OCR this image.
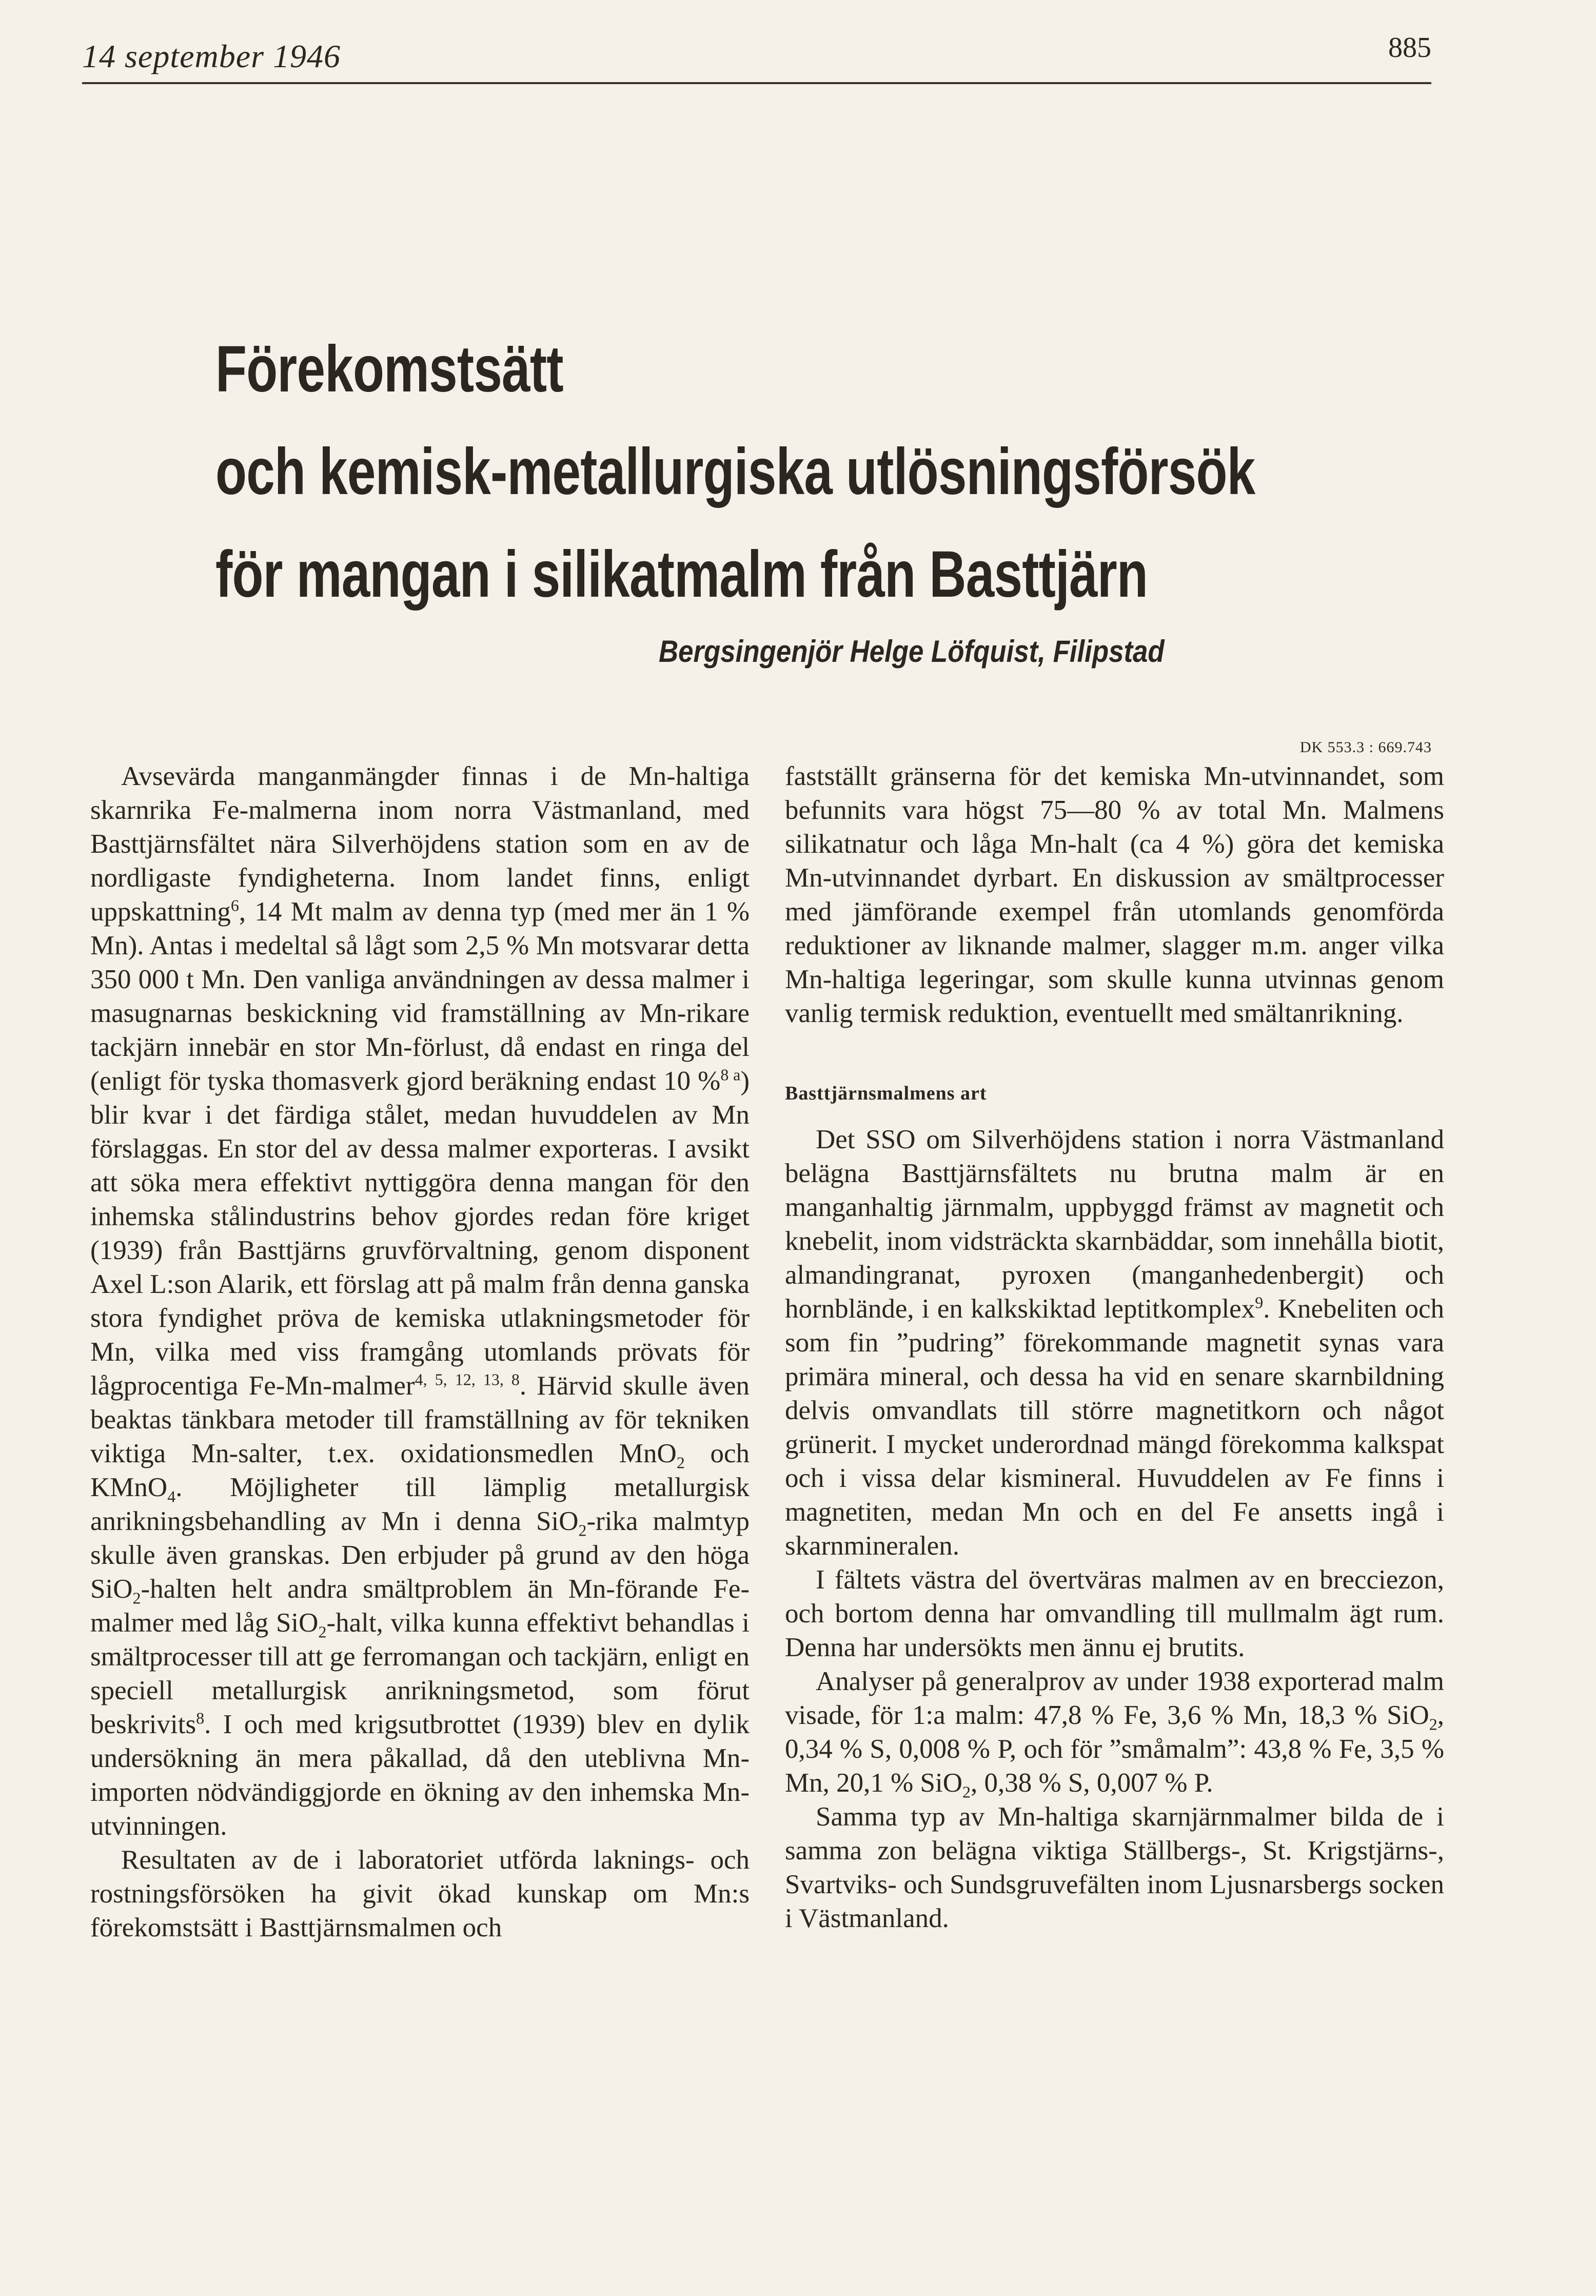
14 september 1946	885
Förekomstsätt
och kemisk-metallurgiska utlösningsförsök
för mangan i silikatmalm från Basttjärn
Bergsingenjör Helge Löfquist, Filipstad
DK 553.3 : 669.743

Avsevärda manganmängder finnas i de Mn-haltiga skarnrika Fe-malmerna inom norra Västmanland, med Basttjärnsfältet nära Silverhöjdens station som en av de nordligaste fyndigheterna. Inom landet finns, enligt uppskattning$^6$, 14 Mt malm av denna typ (med mer än 1 % Mn). Antas i medeltal så lågt som 2,5 % Mn motsvarar detta 350 000 t Mn. Den vanliga användningen av dessa malmer i masugnarnas beskickning vid framställning av Mn-rikare tackjärn innebär en stor Mn-förlust, då endast en ringa del (enligt för tyska thomasverk gjord beräkning endast 10 %$^{8 a}$) blir kvar i det färdiga stålet, medan huvuddelen av Mn förslaggas. En stor del av dessa malmer exporteras. I avsikt att söka mera effektivt nyttiggöra denna mangan för den inhemska stålindustrins behov gjordes redan före kriget (1939) från Basttjärns gruvförvaltning, genom disponent Axel L:son Alarik, ett förslag att på malm från denna ganska stora fyndighet pröva de kemiska utlakningsmetoder för Mn, vilka med viss framgång utomlands prövats för lågprocentiga Fe-Mn-malmer$^{4, 5, 12, 13, 8}$. Härvid skulle även beaktas tänkbara metoder till framställning av för tekniken viktiga Mn-salter, t.ex. oxidationsmedlen MnO$_2$ och KMnO$_4$. Möjligheter till lämplig metallurgisk anrikningsbehandling av Mn i denna SiO$_2$-rika malmtyp skulle även granskas. Den erbjuder på grund av den höga SiO$_2$-halten helt andra smältproblem än Mn-förande Fe-malmer med låg SiO$_2$-halt, vilka kunna effektivt behandlas i smältprocesser till att ge ferromangan och tackjärn, enligt en speciell metallurgisk anrikningsmetod, som förut beskrivits$^8$. I och med krigsutbrottet (1939) blev en dylik undersökning än mera påkallad, då den uteblivna Mn-importen nödvändiggjorde en ökning av den inhemska Mn-utvinningen.

Resultaten av de i laboratoriet utförda laknings- och rostningsförsöken ha givit ökad kunskap om Mn:s förekomstsätt i Basttjärnsmalmen och

fastställt gränserna för det kemiska Mn-utvinnandet, som befunnits vara högst 75—80 % av total Mn. Malmens silikatnatur och låga Mn-halt (ca 4 %) göra det kemiska Mn-utvinnandet dyrbart. En diskussion av smältprocesser med jämförande exempel från utomlands genomförda reduktioner av liknande malmer, slagger m.m. anger vilka Mn-haltiga legeringar, som skulle kunna utvinnas genom vanlig termisk reduktion, eventuellt med smältanrikning.

Basttjärnsmalmens art

Det SSO om Silverhöjdens station i norra Västmanland belägna Basttjärnsfältets nu brutna malm är en manganhaltig järnmalm, uppbyggd främst av magnetit och knebelit, inom vidsträckta skarnbäddar, som innehålla biotit, almandingranat, pyroxen (manganhedenbergit) och hornblände, i en kalkskiktad leptitkomplex$^9$. Knebeliten och som fin ”pudring” förekommande magnetit synas vara primära mineral, och dessa ha vid en senare skarnbildning delvis omvandlats till större magnetitkorn och något grünerit. I mycket underordnad mängd förekomma kalkspat och i vissa delar kismineral. Huvuddelen av Fe finns i magnetiten, medan Mn och en del Fe ansetts ingå i skarnmineralen.

I fältets västra del övertväras malmen av en brecciezon, och bortom denna har omvandling till mullmalm ägt rum. Denna har undersökts men ännu ej brutits.

Analyser på generalprov av under 1938 exporterad malm visade, för 1:a malm: 47,8 % Fe, 3,6 % Mn, 18,3 % SiO$_2$, 0,34 % S, 0,008 % P, och för ”småmalm”: 43,8 % Fe, 3,5 % Mn, 20,1 % SiO$_2$, 0,38 % S, 0,007 % P.

Samma typ av Mn-haltiga skarnjärnmalmer bilda de i samma zon belägna viktiga Ställbergs-, St. Krigstjärns-, Svartviks- och Sundsgruvefälten inom Ljusnarsbergs socken i Västmanland.
